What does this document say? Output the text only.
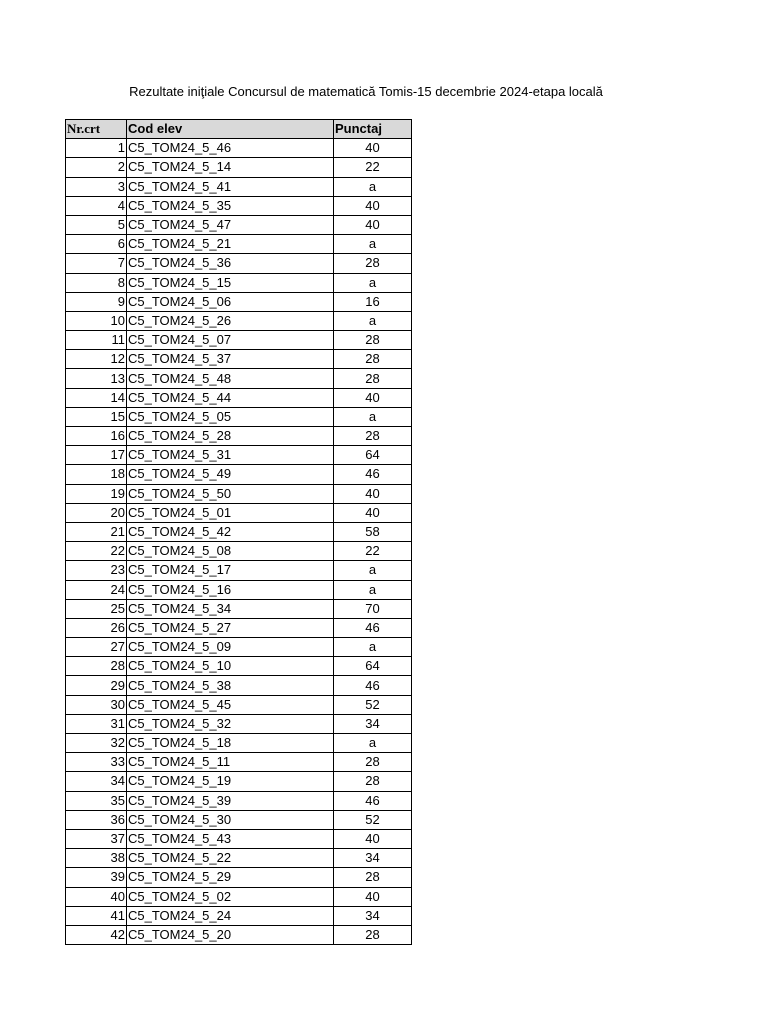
Rezultate iniţiale Concursul de matematică Tomis-15 decembrie 2024-etapa locală
Nr.crt	Cod elev	Punctaj
1	C5_TOM24_5_46	40
2	C5_TOM24_5_14	22
3	C5_TOM24_5_41	a
4	C5_TOM24_5_35	40
5	C5_TOM24_5_47	40
6	C5_TOM24_5_21	a
7	C5_TOM24_5_36	28
8	C5_TOM24_5_15	a
9	C5_TOM24_5_06	16
10	C5_TOM24_5_26	a
11	C5_TOM24_5_07	28
12	C5_TOM24_5_37	28
13	C5_TOM24_5_48	28
14	C5_TOM24_5_44	40
15	C5_TOM24_5_05	a
16	C5_TOM24_5_28	28
17	C5_TOM24_5_31	64
18	C5_TOM24_5_49	46
19	C5_TOM24_5_50	40
20	C5_TOM24_5_01	40
21	C5_TOM24_5_42	58
22	C5_TOM24_5_08	22
23	C5_TOM24_5_17	a
24	C5_TOM24_5_16	a
25	C5_TOM24_5_34	70
26	C5_TOM24_5_27	46
27	C5_TOM24_5_09	a
28	C5_TOM24_5_10	64
29	C5_TOM24_5_38	46
30	C5_TOM24_5_45	52
31	C5_TOM24_5_32	34
32	C5_TOM24_5_18	a
33	C5_TOM24_5_11	28
34	C5_TOM24_5_19	28
35	C5_TOM24_5_39	46
36	C5_TOM24_5_30	52
37	C5_TOM24_5_43	40
38	C5_TOM24_5_22	34
39	C5_TOM24_5_29	28
40	C5_TOM24_5_02	40
41	C5_TOM24_5_24	34
42	C5_TOM24_5_20	28
